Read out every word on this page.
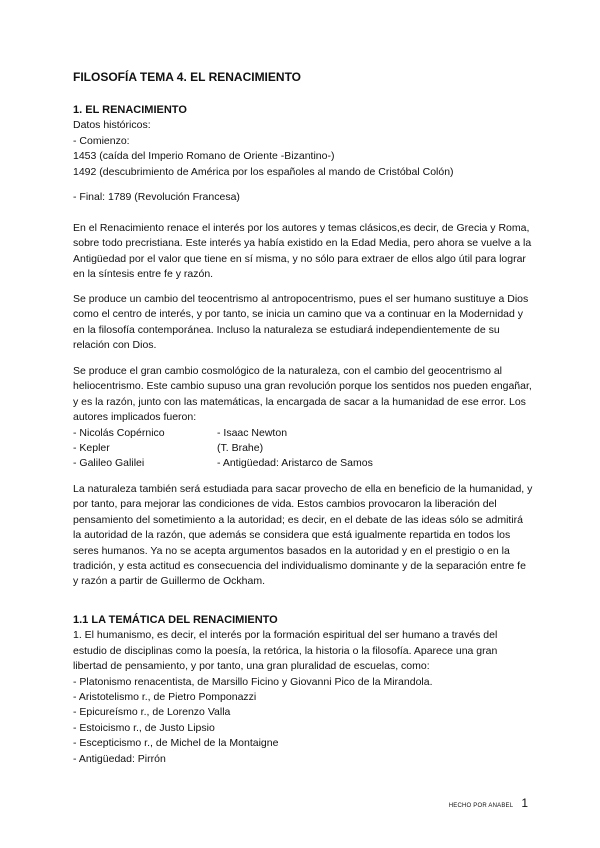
FILOSOFÍA TEMA 4. EL RENACIMIENTO

1. EL RENACIMIENTO

Datos históricos:

- Comienzo:

1453 (caída del Imperio Romano de Oriente -Bizantino-)

1492 (descubrimiento de América por los españoles al mando de Cristóbal Colón)

- Final: 1789 (Revolución Francesa)

En el Renacimiento renace el interés por los autores y temas clásicos,es decir, de Grecia y Roma, sobre todo precristiana. Este interés ya había existido en la Edad Media, pero ahora se vuelve a la Antigüedad por el valor que tiene en sí misma, y no sólo para extraer de ellos algo útil para lograr en la síntesis entre fe y razón.

Se produce un cambio del teocentrismo al antropocentrismo, pues el ser humano sustituye a Dios como el centro de interés, y por tanto, se inicia un camino que va a continuar en la Modernidad y en la filosofía contemporánea. Incluso la naturaleza se estudiará independientemente de su relación con Dios.

Se produce el gran cambio cosmológico de la naturaleza, con el cambio del geocentrismo al heliocentrismo. Este cambio supuso una gran revolución porque los sentidos nos pueden engañar, y es la razón, junto con las matemáticas, la encargada de sacar a la humanidad de ese error. Los autores implicados fueron:

- Nicolás Copérnico	- Isaac Newton
- Kepler	(T. Brahe)
- Galileo Galilei	- Antigüedad: Aristarco de Samos

La naturaleza también será estudiada para sacar provecho de ella en beneficio de la humanidad, y por tanto, para mejorar las condiciones de vida. Estos cambios provocaron la liberación del pensamiento del sometimiento a la autoridad; es decir, en el debate de las ideas sólo se admitirá la autoridad de la razón, que además se considera que está igualmente repartida en todos los seres humanos. Ya no se acepta argumentos basados en la autoridad y en el prestigio o en la tradición, y esta actitud es consecuencia del individualismo dominante y de la separación entre fe y razón a partir de Guillermo de Ockham.

1.1 LA TEMÁTICA DEL RENACIMIENTO

1. El humanismo, es decir, el interés por la formación espiritual del ser humano a través del estudio de disciplinas como la poesía, la retórica, la historia o la filosofía. Aparece una gran libertad de pensamiento, y por tanto, una gran pluralidad de escuelas, como:

- Platonismo renacentista, de Marsillo Ficino y Giovanni Pico de la Mirandola.

- Aristotelismo r., de Pietro Pomponazzi

- Epicureísmo r., de Lorenzo Valla

- Estoicismo r., de Justo Lipsio

- Escepticismo r., de Michel de la Montaigne

- Antigüedad: Pirrón

HECHO POR ANABEL 1
